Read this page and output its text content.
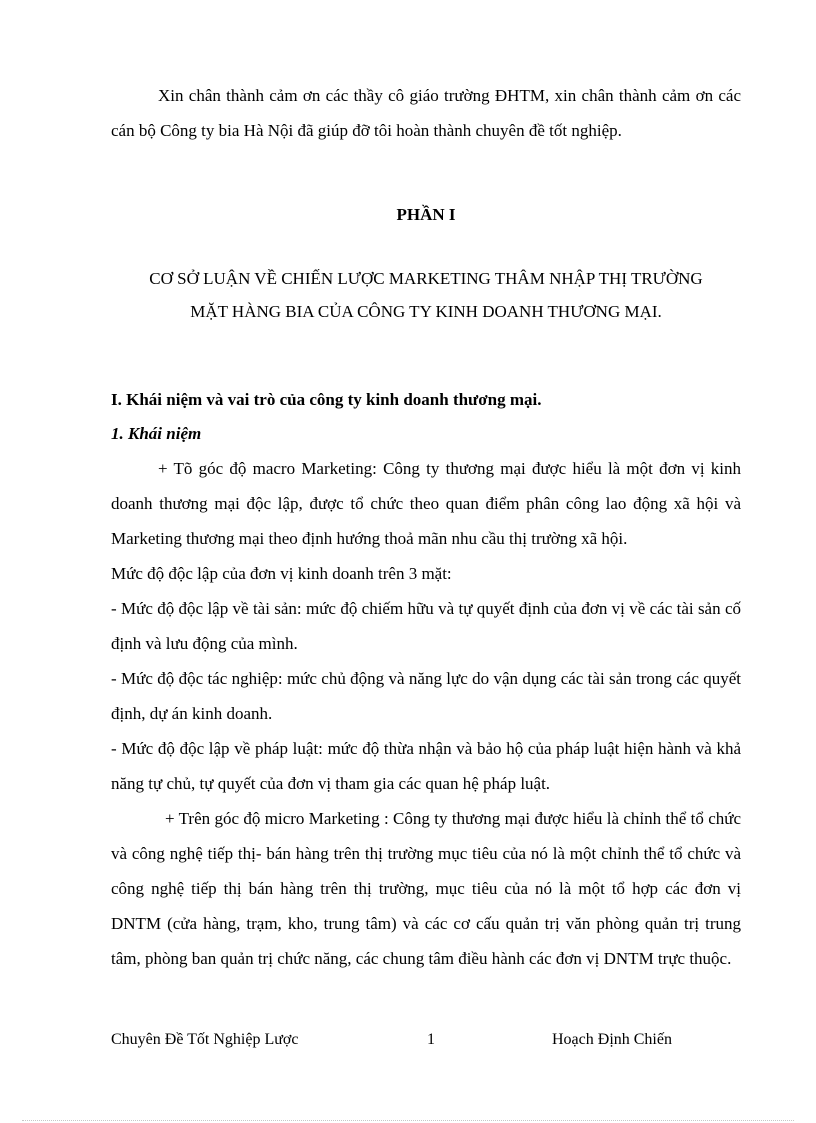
Xin chân thành cảm ơn các thầy cô giáo trường ĐHTM, xin chân thành cảm ơn các cán bộ Công ty bia Hà Nội đã giúp đỡ tôi hoàn thành chuyên đề tốt nghiệp.

PHẦN I
CƠ SỞ LUẬN VỀ CHIẾN LƯỢC MARKETING THÂM NHẬP THỊ TRƯỜNG
MẶT HÀNG BIA CỦA CÔNG TY KINH DOANH THƯƠNG MẠI.
I. Khái niệm và vai trò của công ty kinh doanh thương mại.
1. Khái niệm

+ Tõ góc độ macro Marketing: Công ty thương mại được hiểu là một đơn vị kinh doanh thương mại độc lập, được tổ chức theo quan điểm phân công lao động xã hội và Marketing thương mại theo định hướng thoả mãn nhu cầu thị trường xã hội.

Mức độ độc lập của đơn vị kinh doanh trên 3 mặt:

- Mức độ độc lập về tài sản: mức độ chiếm hữu và tự quyết định của đơn vị về các tài sản cố định và lưu động của mình.

- Mức độ độc tác nghiệp: mức chủ động và năng lực do vận dụng các tài sản trong các quyết định, dự án kinh doanh.

- Mức độ độc lập về pháp luật: mức độ thừa nhận và bảo hộ của pháp luật hiện hành và khả năng tự chủ, tự quyết của đơn vị tham gia các quan hệ pháp luật.

+ Trên góc độ micro Marketing : Công ty thương mại được hiểu là chỉnh thể tổ chức và công nghệ tiếp thị- bán hàng trên thị trường mục tiêu của nó là một chỉnh thể tổ chức và công nghệ tiếp thị bán hàng trên thị trường, mục tiêu của nó là một tổ hợp các đơn vị DNTM (cửa hàng, trạm, kho, trung tâm) và các cơ cấu quản trị văn phòng quản trị trung tâm, phòng ban quản trị chức năng, các chung tâm điều hành các đơn vị DNTM trực thuộc.

Chuyên Đề Tốt Nghiệp Lược	1	Hoạch Định Chiến
